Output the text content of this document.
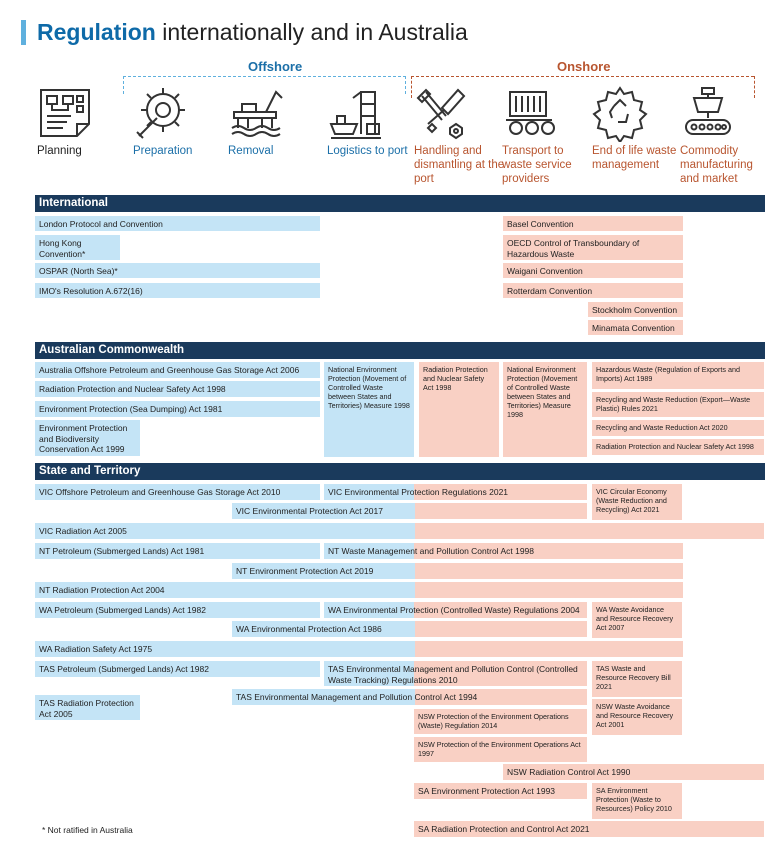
Regulation internationally and in Australia
Offshore	Onshore
Planning	Preparation	Removal	Logistics to port Handling and dismantling at the port
Transport to waste service providers
End of life waste management
Commodity manufacturing and market
International
London Protocol and Convention
Hong Kong Convention*
OSPAR (North Sea)*
IMO's Resolution A.672(16)
Basel Convention
OECD Control of Transboundary of Hazardous Waste
Waigani Convention
Rotterdam Convention
Stockholm Convention
Minamata Convention
Australian Commonwealth
Australia Offshore Petroleum and Greenhouse Gas Storage Act 2006
Radiation Protection and Nuclear Safety Act 1998
Environment Protection (Sea Dumping) Act 1981
Environment Protection and Biodiversity Conservation Act 1999
National Environment Protection (Movement of Controlled Waste between States and Territories) Measure 1998
Radiation Protection and Nuclear Safety Act 1998
National Environment Protection (Movement of Controlled Waste between States and Territories) Measure 1998
Hazardous Waste (Regulation of Exports and Imports) Act 1989
Recycling and Waste Reduction (Export—Waste Plastic) Rules 2021
Recycling and Waste Reduction Act 2020
Radiation Protection and Nuclear Safety Act 1998
State and Territory
VIC Offshore Petroleum and Greenhouse Gas Storage Act 2010	VIC Environmental Protection Regulations 2021	VIC Circular Economy (Waste Reduction and Recycling) Act 2021
VIC Environmental Protection Act 2017
VIC Radiation Act 2005
NT Petroleum (Submerged Lands) Act 1981	NT Waste Management and Pollution Control Act 1998
NT Environment Protection Act 2019
NT Radiation Protection Act 2004
WA Petroleum (Submerged Lands) Act 1982	WA Environmental Protection (Controlled Waste) Regulations 2004	WA Waste Avoidance and Resource Recovery Act 2007
WA Environmental Protection Act 1986
WA Radiation Safety Act 1975
TAS Petroleum (Submerged Lands) Act 1982	TAS Environmental Management and Pollution Control (Controlled Waste Tracking) Regulations 2010
TAS Waste and Resource Recovery Bill 2021
TAS Radiation Protection Act 2005
TAS Environmental Management and Pollution Control Act 1994
NSW Protection of the Environment Operations (Waste) Regulation 2014
NSW Waste Avoidance and Resource Recovery Act 2001
NSW Protection of the Environment Operations Act 1997
NSW Radiation Control Act 1990
SA Environment Protection Act 1993	SA Environment Protection (Waste to Resources) Policy 2010
SA Radiation Protection and Control Act 2021
* Not ratified in Australia
